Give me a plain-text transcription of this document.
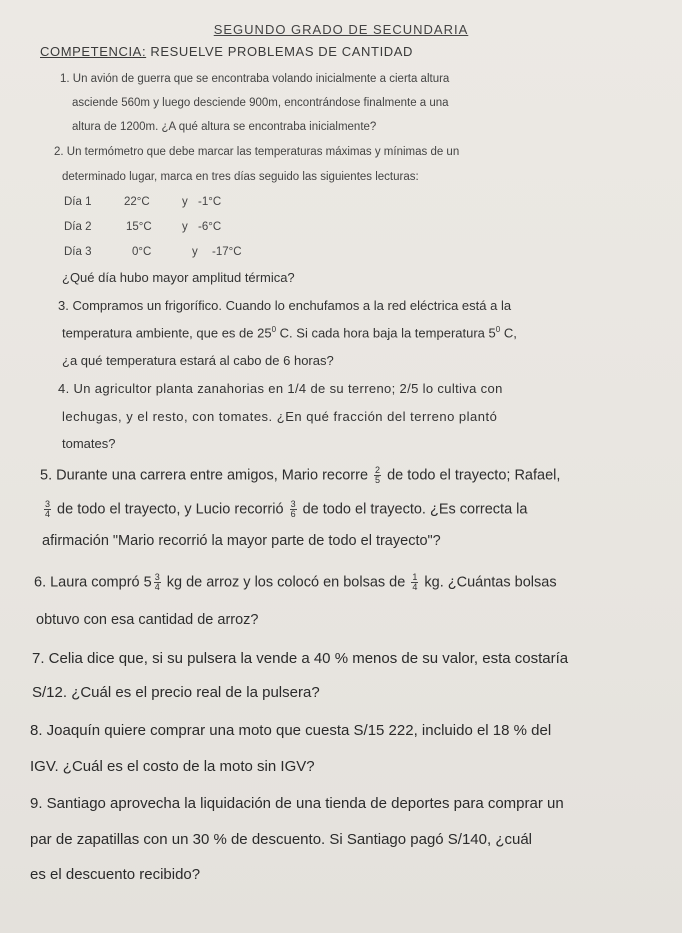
SEGUNDO GRADO DE SECUNDARIA
COMPETENCIA: RESUELVE PROBLEMAS DE CANTIDAD
1. Un avión de guerra que se encontraba volando inicialmente a cierta altura
asciende 560m y luego desciende 900m, encontrándose finalmente a una
altura de 1200m. ¿A qué altura se encontraba inicialmente?
2. Un termómetro que debe marcar las temperaturas máximas y mínimas de un
determinado lugar, marca en tres días seguido las siguientes lecturas:
Día 1	22°C	y -1°C
Día 2	15°C	y -6°C
Día 3	0°C	y -17°C
¿Qué día hubo mayor amplitud térmica?
3. Compramos un frigorífico. Cuando lo enchufamos a la red eléctrica está a la
temperatura ambiente, que es de $25^0$ C. Si cada hora baja la temperatura $5^0$ C,
¿a qué temperatura estará al cabo de 6 horas?
4. Un agricultor planta zanahorias en 1/4 de su terreno; 2/5 lo cultiva con
lechugas, y el resto, con tomates. ¿En qué fracción del terreno plantó
tomates?
5. Durante una carrera entre amigos, Mario recorre $\frac{2}{5}$ de todo el trayecto; Rafael,
$\frac{3}{4}$ de todo el trayecto, y Lucio recorrió $\frac{3}{6}$ de todo el trayecto. ¿Es correcta la
afirmación "Mario recorrió la mayor parte de todo el trayecto"?
6. Laura compró $5 \frac{3}{4}$ kg de arroz y los colocó en bolsas de $\frac{1}{4}$ kg. ¿Cuántas bolsas
obtuvo con esa cantidad de arroz?
7. Celia dice que, si su pulsera la vende a 40 % menos de su valor, esta costaría
S/12. ¿Cuál es el precio real de la pulsera?
8. Joaquín quiere comprar una moto que cuesta S/15 222, incluido el 18 % del
IGV. ¿Cuál es el costo de la moto sin IGV?
9. Santiago aprovecha la liquidación de una tienda de deportes para comprar un
par de zapatillas con un 30 % de descuento. Si Santiago pagó S/140, ¿cuál
es el descuento recibido?
